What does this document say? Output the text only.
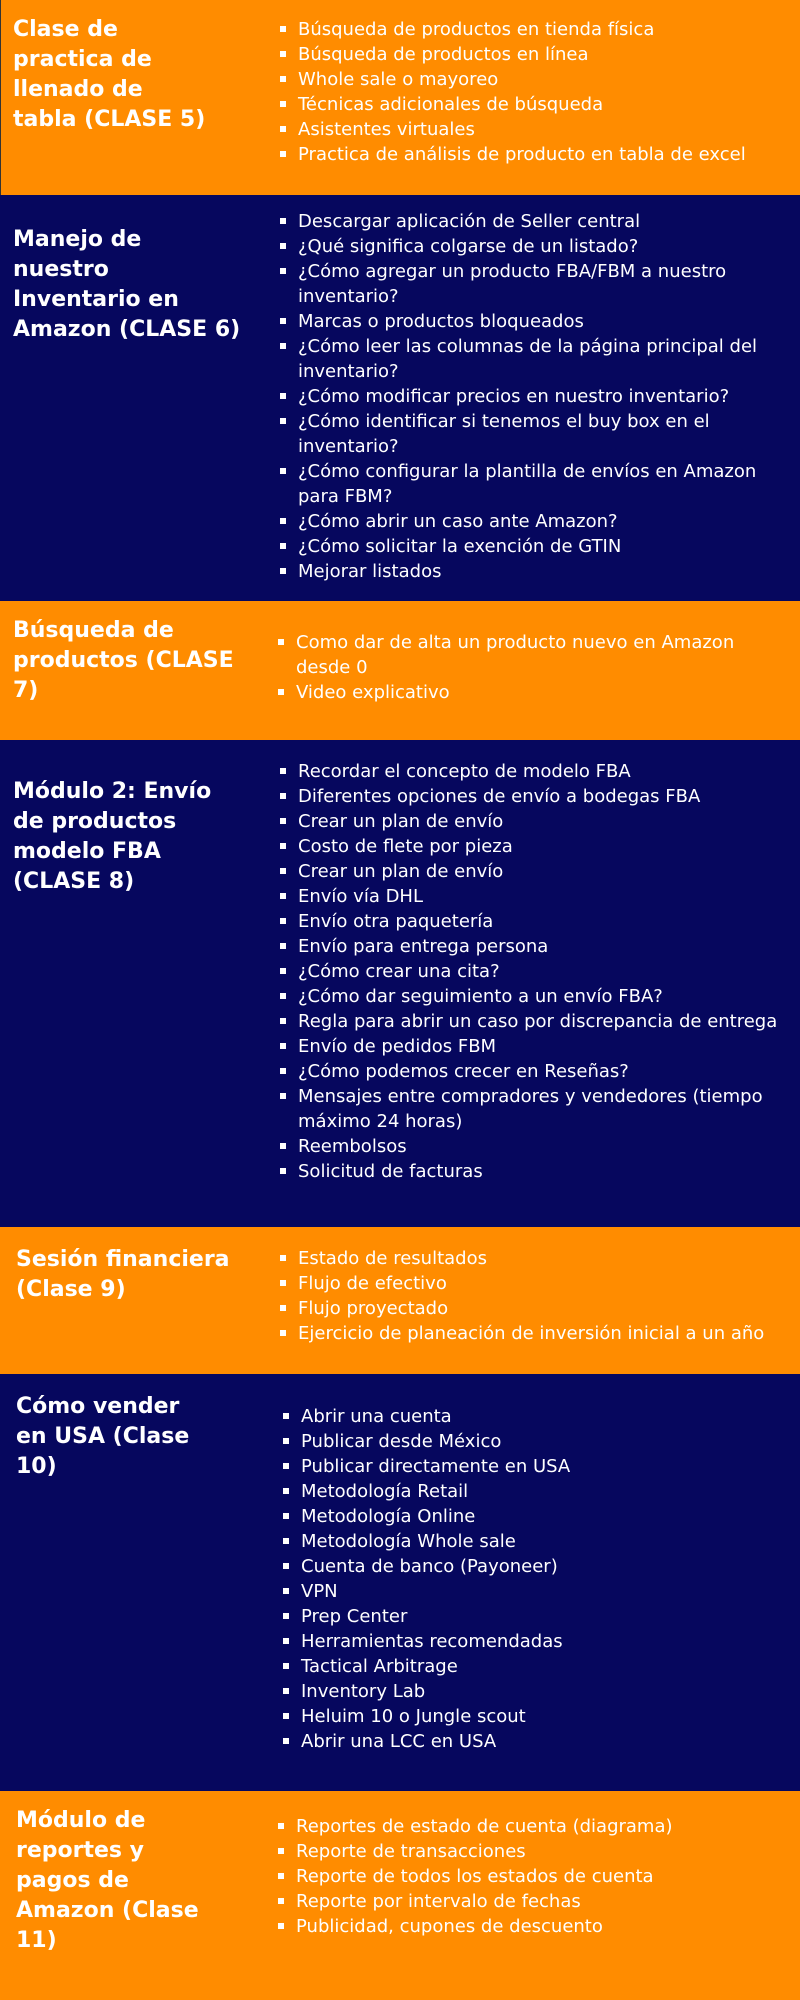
Clase de practica de llenado de tabla (CLASE 5)
Búsqueda de productos en tienda física
Búsqueda de productos en línea
Whole sale o mayoreo
Técnicas adicionales de búsqueda
Asistentes virtuales
Practica de análisis de producto en tabla de excel
Manejo de nuestro Inventario en Amazon (CLASE 6)
Descargar aplicación de Seller central
¿Qué significa colgarse de un listado?
¿Cómo agregar un producto FBA/FBM a nuestro inventario?
Marcas o productos bloqueados
¿Cómo leer las columnas de la página principal del inventario?
¿Cómo modificar precios en nuestro inventario?
¿Cómo identificar si tenemos el buy box en el inventario?
¿Cómo configurar la plantilla de envíos en Amazon para FBM?
¿Cómo abrir un caso ante Amazon?
¿Cómo solicitar la exención de GTIN
Mejorar listados
Búsqueda de productos (CLASE 7)
Como dar de alta un producto nuevo en Amazon desde 0
Video explicativo
Módulo 2: Envío de productos modelo FBA (CLASE 8)
Recordar el concepto de modelo FBA
Diferentes opciones de envío a bodegas FBA
Crear un plan de envío
Costo de flete por pieza
Crear un plan de envío
Envío vía DHL
Envío otra paquetería
Envío para entrega persona
¿Cómo crear una cita?
¿Cómo dar seguimiento a un envío FBA?
Regla para abrir un caso por discrepancia de entrega
Envío de pedidos FBM
¿Cómo podemos crecer en Reseñas?
Mensajes entre compradores y vendedores (tiempo máximo 24 horas)
Reembolsos
Solicitud de facturas
Sesión financiera (Clase 9)
Estado de resultados
Flujo de efectivo
Flujo proyectado
Ejercicio de planeación de inversión inicial a un año
Cómo vender en USA (Clase 10)
Abrir una cuenta
Publicar desde México
Publicar directamente en USA
Metodología Retail
Metodología Online
Metodología Whole sale
Cuenta de banco (Payoneer)
VPN
Prep Center
Herramientas recomendadas
Tactical Arbitrage
Inventory Lab
Heluim 10 o Jungle scout
Abrir una LCC en USA
Módulo de reportes y pagos de Amazon (Clase 11)
Reportes de estado de cuenta (diagrama)
Reporte de transacciones
Reporte de todos los estados de cuenta
Reporte por intervalo de fechas
Publicidad, cupones de descuento
